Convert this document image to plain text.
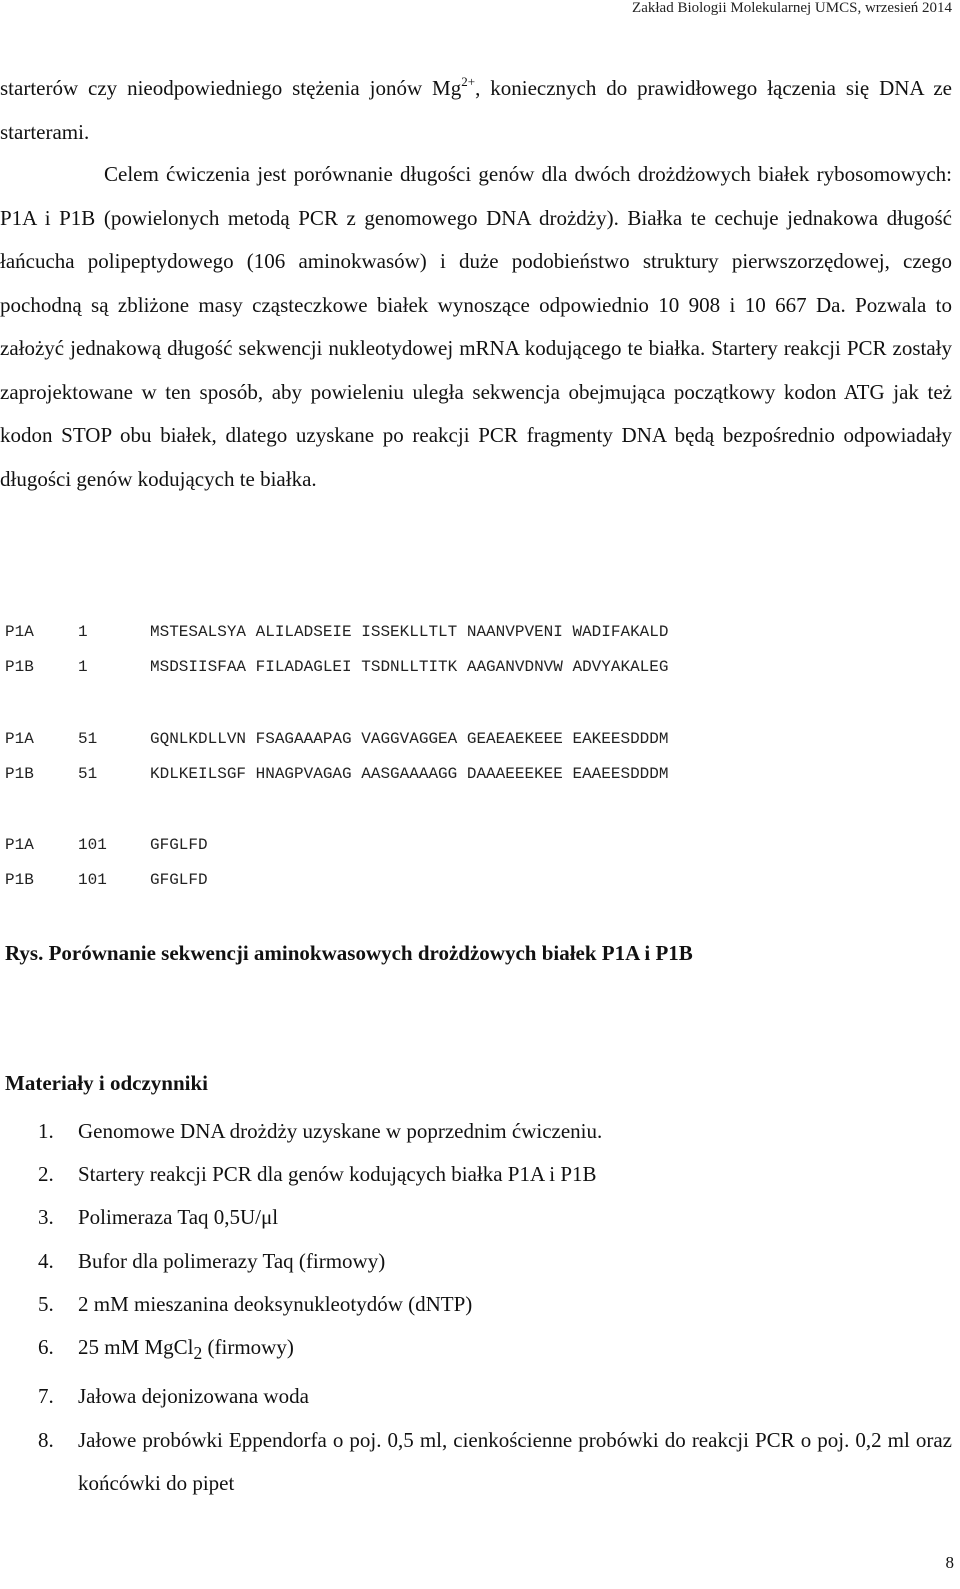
Zakład Biologii Molekularnej UMCS, wrzesień 2014

starterów czy nieodpowiedniego stężenia jonów $Mg^{2+}$, koniecznych do prawidłowego łączenia się DNA ze starterami.

Celem ćwiczenia jest porównanie długości genów dla dwóch drożdżowych białek rybosomowych: P1A i P1B (powielonych metodą PCR z genomowego DNA drożdży). Białka te cechuje jednakowa długość łańcucha polipeptydowego (106 aminokwasów) i duże podobieństwo struktury pierwszorzędowej, czego pochodną są zbliżone masy cząsteczkowe białek wynoszące odpowiednio 10 908 i 10 667 Da. Pozwala to założyć jednakową długość sekwencji nukleotydowej mRNA kodującego te białka. Startery reakcji PCR zostały zaprojektowane w ten sposób, aby powieleniu uległa sekwencja obejmująca początkowy kodon ATG jak też kodon STOP obu białek, dlatego uzyskane po reakcji PCR fragmenty DNA będą bezpośrednio odpowiadały długości genów kodujących te białka.

P1A	1	MSTESALSYA ALILADSEIE ISSEKLLTLT NAANVPVENI WADIFAKALD
P1B	1	MSDSIISFAA FILADAGLEI TSDNLLTITK AAGANVDNVW ADVYAKALEG
P1A	51	GQNLKDLLVN FSAGAAAPAG VAGGVAGGEA GEAEAEKEEE EAKEESDDDM
P1B	51	KDLKEILSGF HNAGPVAGAG AASGAAAAGG DAAAEEEKEE EAAEESDDDM
P1A	101	GFGLFD
P1B	101	GFGLFD

Rys. Porównanie sekwencji aminokwasowych drożdżowych białek P1A i P1B

Materiały i odczynniki

1. Genomowe DNA drożdży uzyskane w poprzednim ćwiczeniu.
2. Startery reakcji PCR dla genów kodujących białka P1A i P1B
3. Polimeraza Taq 0,5U/μl
4. Bufor dla polimerazy Taq (firmowy)
5. 2 mM mieszanina deoksynukleotydów (dNTP)
6. 25 mM MgCl$_2$ (firmowy)
7. Jałowa dejonizowana woda
8. Jałowe probówki Eppendorfa o poj. 0,5 ml, cienkościenne probówki do reakcji PCR o poj. 0,2 ml oraz końcówki do pipet
8
